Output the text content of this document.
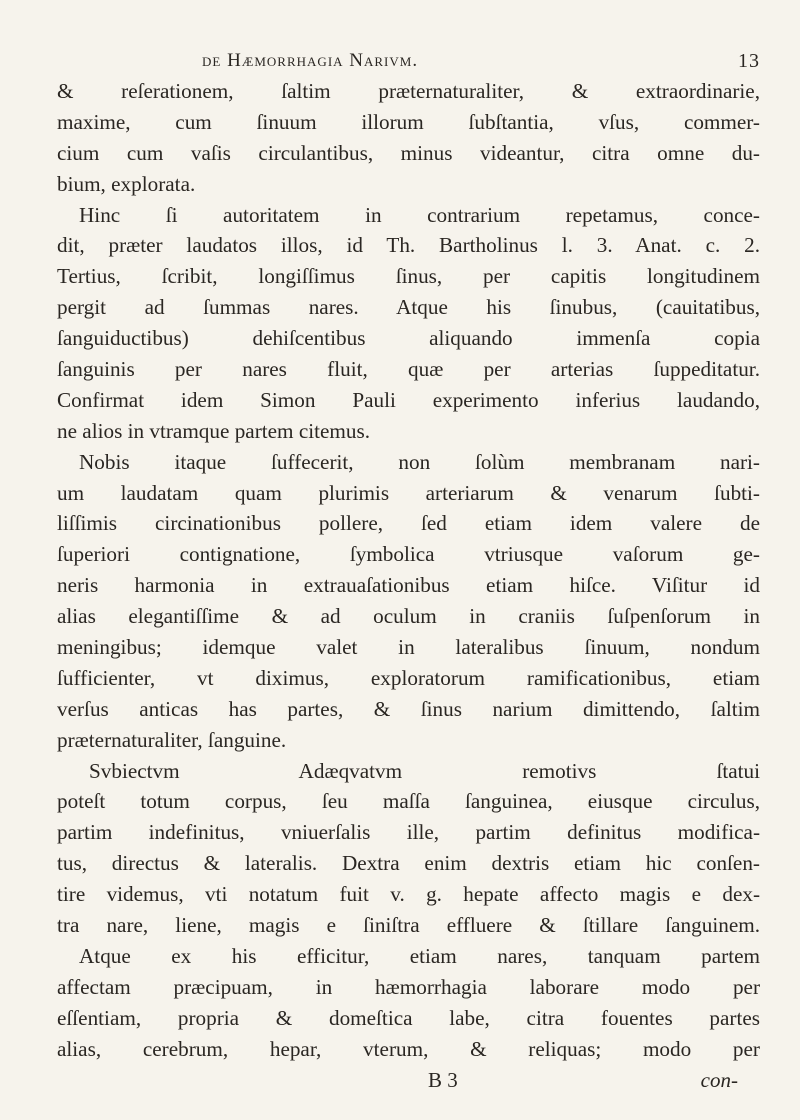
de Hæmorrhagia Narivm.	13
& reſerationem, ſaltim præternaturaliter, & extraordinarie,
maxime, cum ſinuum illorum ſubſtantia, vſus, commer-
cium cum vaſis circulantibus, minus videantur, citra omne du-
bium, explorata.
Hinc ſi autoritatem in contrarium repetamus, conce-
dit, præter laudatos illos, id Th. Bartholinus l. 3. Anat. c. 2.
Tertius, ſcribit, longiſſimus ſinus, per capitis longitudinem
pergit ad ſummas nares. Atque his ſinubus, (cauitatibus,
ſanguiductibus) dehiſcentibus aliquando immenſa copia
ſanguinis per nares fluit, quæ per arterias ſuppeditatur.
Confirmat idem Simon Pauli experimento inferius laudando,
ne alios in vtramque partem citemus.
Nobis itaque ſuffecerit, non ſolùm membranam nari-
um laudatam quam plurimis arteriarum & venarum ſubti-
liſſimis circinationibus pollere, ſed etiam idem valere de
ſuperiori contignatione, ſymbolica vtriusque vaſorum ge-
neris harmonia in extrauaſationibus etiam hiſce. Viſitur id
alias elegantiſſime & ad oculum in craniis ſuſpenſorum in
meningibus; idemque valet in lateralibus ſinuum, nondum
ſufficienter, vt diximus, exploratorum ramificationibus, etiam
verſus anticas has partes, & ſinus narium dimittendo, ſaltim
præternaturaliter, ſanguine.
Svbiectvm Adæqvatvm remotivs ſtatui
poteſt totum corpus, ſeu maſſa ſanguinea, eiusque circulus,
partim indefinitus, vniuerſalis ille, partim definitus modifica-
tus, directus & lateralis. Dextra enim dextris etiam hic conſen-
tire videmus, vti notatum fuit v. g. hepate affecto magis e dex-
tra nare, liene, magis e ſiniſtra effluere & ſtillare ſanguinem.
Atque ex his efficitur, etiam nares, tanquam partem
affectam præcipuam, in hæmorrhagia laborare modo per
eſſentiam, propria & domeſtica labe, citra fouentes partes
alias, cerebrum, hepar, vterum, & reliquas; modo per
B 3	con-
